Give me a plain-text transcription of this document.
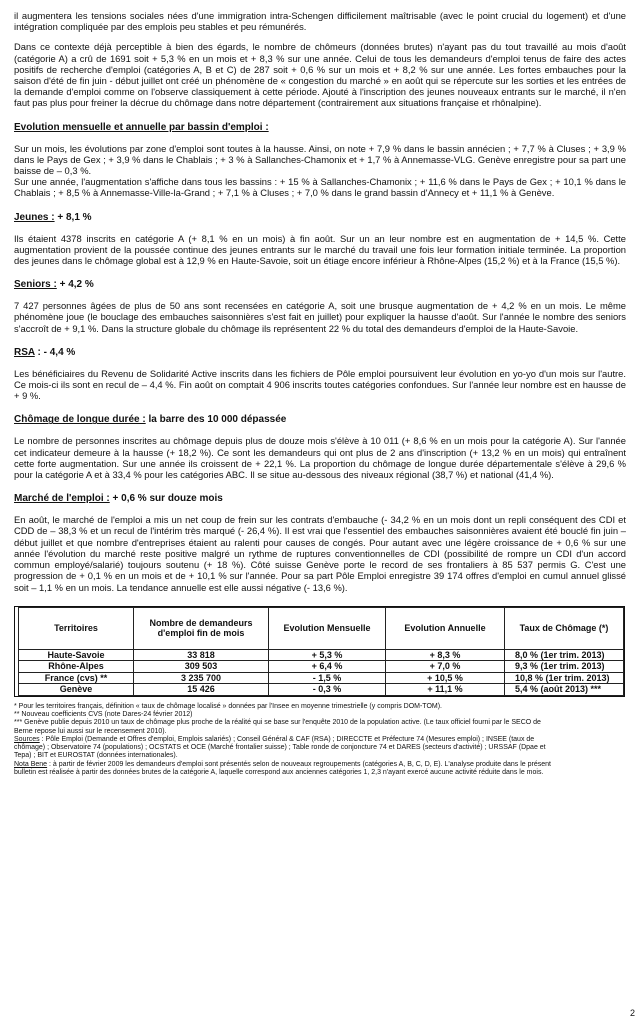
il augmentera les tensions sociales nées d'une immigration intra-Schengen difficilement maîtrisable (avec le point crucial du logement) et d'une intégration compliquée par des emplois peu stables et peu rémunérés.

Dans ce contexte déjà perceptible à bien des égards, le nombre de chômeurs (données brutes) n'ayant pas du tout travaillé au mois d'août (catégorie A) a crû de 1691 soit + 5,3 % en un mois et + 8,3 % sur une année. Celui de tous les demandeurs d'emploi tenus de faire des actes positifs de recherche d'emploi (catégories A, B et C) de 287 soit + 0,6 % sur un mois et + 8,2 % sur une année. Les fortes embauches pour la saison d'été de fin juin - début juillet ont créé un phénomène de « congestion du marché » en août qui se répercute sur les sorties et les entrées de la demande d'emploi comme on l'observe classiquement à cette période. Ajouté à l'inscription des jeunes nouveaux entrants sur le marché, il n'en faut pas plus pour freiner la décrue du chômage dans notre département (contrairement aux situations française et rhônalpine).

Evolution mensuelle et annuelle par bassin d'emploi :

Sur un mois, les évolutions par zone d'emploi sont toutes à la hausse. Ainsi, on note + 7,9 % dans le bassin annécien ; + 7,7 % à Cluses ; + 3,9 % dans le Pays de Gex ; + 3,9 % dans le Chablais ; + 3 % à Sallanches-Chamonix et + 1,7 % à Annemasse-VLG. Genève enregistre pour sa part une baisse de – 0,3 %.

Sur une année, l'augmentation s'affiche dans tous les bassins : + 15 % à Sallanches-Chamonix ; + 11,6 % dans le Pays de Gex ; + 10,1 % dans le Chablais ; + 8,5 % à Annemasse-Ville-la-Grand ; + 7,1 % à Cluses ; + 7,0 % dans le grand bassin d'Annecy et + 11,1 % à Genève.

Jeunes : + 8,1 %

Ils étaient 4378 inscrits en catégorie A (+ 8,1 % en un mois) à fin août. Sur un an leur nombre est en augmentation de + 14,5 %. Cette augmentation provient de la poussée continue des jeunes entrants sur le marché du travail une fois leur formation initiale terminée. La proportion des jeunes dans le chômage global est à 12,9 % en Haute-Savoie, soit un étiage encore inférieur à Rhône-Alpes (15,2 %) et à la France (15,5 %).

Seniors : + 4,2 %

7 427 personnes âgées de plus de 50 ans sont recensées en catégorie A, soit une brusque augmentation de + 4,2 % en un mois. Le même phénomène joue (le bouclage des embauches saisonnières s'est fait en juillet) pour expliquer la hausse d'août. Sur l'année le nombre des seniors s'accroît de + 9,1 %. Dans la structure globale du chômage ils représentent 22 % du total des demandeurs d'emploi de la Haute-Savoie.

RSA : - 4,4 %

Les bénéficiaires du Revenu de Solidarité Active inscrits dans les fichiers de Pôle emploi poursuivent leur évolution en yo-yo d'un mois sur l'autre. Ce mois-ci ils sont en recul de – 4,4 %. Fin août on comptait 4 906 inscrits toutes catégories confondues. Sur l'année leur nombre est en hausse de + 9 %.

Chômage de longue durée : la barre des 10 000 dépassée

Le nombre de personnes inscrites au chômage depuis plus de douze mois s'élève à 10 011 (+ 8,6 % en un mois pour la catégorie A). Sur l'année cet indicateur demeure à la hausse (+ 18,2 %). Ce sont les demandeurs qui ont plus de 2 ans d'inscription (+ 13,2 % en un mois) qui entraînent cette forte augmentation. Sur une année ils croissent de + 22,1 %. La proportion du chômage de longue durée départementale s'élève à 29,6 % pour la catégorie A et à 33,4 % pour les catégories ABC. Il se situe au-dessous des niveaux régional (38,7 %) et national (41,4 %).

Marché de l'emploi : + 0,6 % sur douze mois

En août, le marché de l'emploi a mis un net coup de frein sur les contrats d'embauche (- 34,2 % en un mois dont un repli conséquent des CDI et CDD de – 38,3 % et un recul de l'intérim très marqué (- 26,4 %). Il est vrai que l'essentiel des embauches saisonnières avaient été bouclé fin juin –début juillet et que nombre d'entreprises étaient au ralenti pour causes de congés. Pour autant avec une légère croissance de + 0,6 % sur une année l'évolution du marché reste positive malgré un rythme de ruptures conventionnelles de CDI (possibilité de rompre un CDI d'un accord commun employé/salarié) toujours soutenu (+ 18 %). Côté suisse Genève porte le record de ses frontaliers à 85 537 permis G. C'est une progression de + 0,1 % en un mois et de + 10,1 % sur l'année. Pour sa part Pôle Emploi enregistre 39 174 offres d'emploi en cumul annuel glissé soit – 1,1 % en un mois. La tendance annuelle est elle aussi négative (- 13,6 %).

Territoires	Nombre de demandeurs d'emploi fin de mois	Evolution Mensuelle	Evolution Annuelle	Taux de Chômage (*)
Haute-Savoie	33 818	+ 5,3 %	+ 8,3 %	8,0 % (1er trim. 2013)
Rhône-Alpes	309 503	+ 6,4 %	+ 7,0 %	9,3 % (1er trim. 2013)
France (cvs) **	3 235 700	- 1,5 %	+ 10,5 %	10,8 % (1er trim. 2013)
Genève	15 426	- 0,3 %	+ 11,1 %	5,4 % (août 2013) ***
* Pour les territoires français, définition « taux de chômage localisé » données par l'Insee en moyenne trimestrielle (y compris DOM-TOM).
** Nouveau coefficients CVS (note Dares-24 février 2012)
*** Genève publie depuis 2010 un taux de chômage plus proche de la réalité qui se base sur l'enquête 2010 de la population active. (Le taux officiel fourni par le SECO de
Berne repose lui aussi sur le recensement 2010).
Sources : Pôle Emploi (Demande et Offres d'emploi, Emplois salariés) ; Conseil Général & CAF (RSA) ; DIRECCTE et Préfecture 74 (Mesures emploi) ; INSEE (taux de
chômage) ; Observatoire 74 (populations) ; OCSTATS et OCE (Marché frontalier suisse) ; Table ronde de conjoncture 74 et DARES (secteurs d'activité) ; URSSAF (Dpae et
Tepa) ; BIT et EUROSTAT (données internationales).
Nota Bene : à partir de février 2009 les demandeurs d'emploi sont présentés selon de nouveaux regroupements (catégories A, B, C, D, E). L'analyse produite dans le présent
bulletin est réalisée à partir des données brutes de la catégorie A, laquelle correspond aux anciennes catégories 1, 2,3 n'ayant exercé aucune activité réduite dans le mois.
2
